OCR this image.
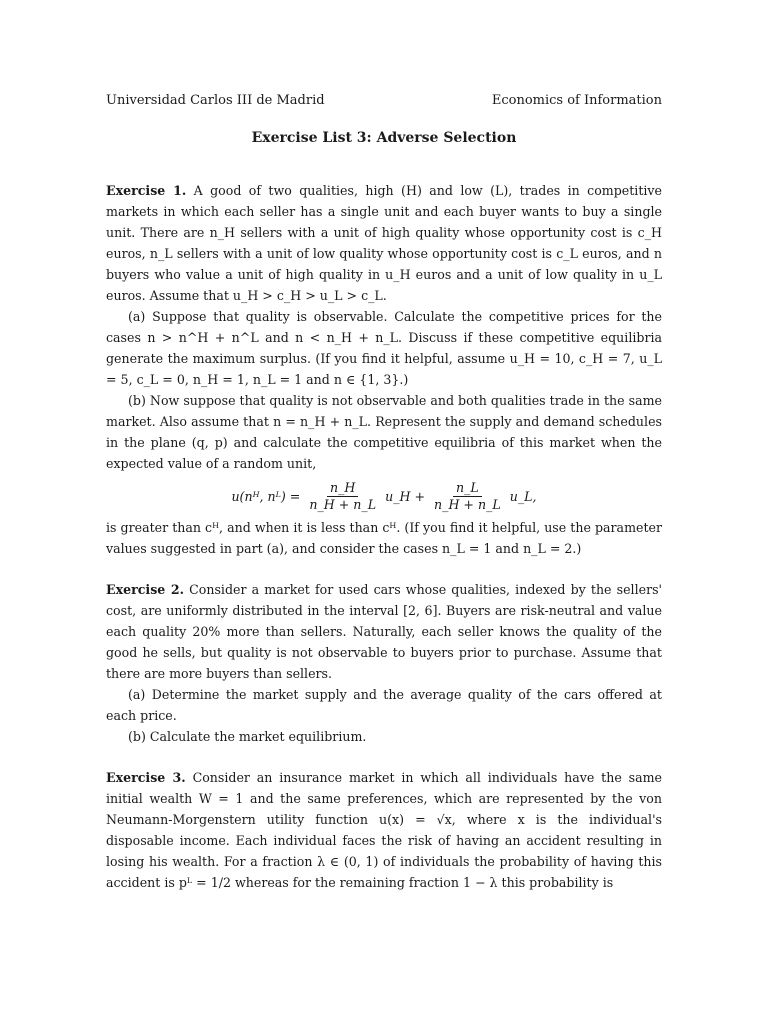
Universidad Carlos III de Madrid	Economics of Information
Exercise List 3: Adverse Selection

Exercise 1. A good of two qualities, high (H) and low (L), trades in competitive markets in which each seller has a single unit and each buyer wants to buy a single unit. There are n_H sellers with a unit of high quality whose opportunity cost is c_H euros, n_L sellers with a unit of low quality whose opportunity cost is c_L euros, and n buyers who value a unit of high quality in u_H euros and a unit of low quality in u_L euros. Assume that u_H > c_H > u_L > c_L.

(a) Suppose that quality is observable. Calculate the competitive prices for the cases n > n^H + n^L and n < n_H + n_L. Discuss if these competitive equilibria generate the maximum surplus. (If you find it helpful, assume u_H = 10, c_H = 7, u_L = 5, c_L = 0, n_H = 1, n_L = 1 and n ∈ {1, 3}.)

(b) Now suppose that quality is not observable and both qualities trade in the same market. Also assume that n = n_H + n_L. Represent the supply and demand schedules in the plane (q, p) and calculate the competitive equilibria of this market when the expected value of a random unit,

u(nᴴ, nᴸ) = $\frac{n\_H}{n\_H + n\_L}$ u_H + $\frac{n\_L}{n\_H + n\_L}$ u_L,

is greater than cᴴ, and when it is less than cᴴ. (If you find it helpful, use the parameter values suggested in part (a), and consider the cases n_L = 1 and n_L = 2.)

Exercise 2. Consider a market for used cars whose qualities, indexed by the sellers' cost, are uniformly distributed in the interval [2, 6]. Buyers are risk-neutral and value each quality 20% more than sellers. Naturally, each seller knows the quality of the good he sells, but quality is not observable to buyers prior to purchase. Assume that there are more buyers than sellers.

(a) Determine the market supply and the average quality of the cars offered at each price.

(b) Calculate the market equilibrium.

Exercise 3. Consider an insurance market in which all individuals have the same initial wealth W = 1 and the same preferences, which are represented by the von Neumann-Morgenstern utility function u(x) = √x, where x is the individual's disposable income. Each individual faces the risk of having an accident resulting in losing his wealth. For a fraction λ ∈ (0, 1) of individuals the probability of having this accident is pᴸ = 1/2 whereas for the remaining fraction 1 − λ this probability is
